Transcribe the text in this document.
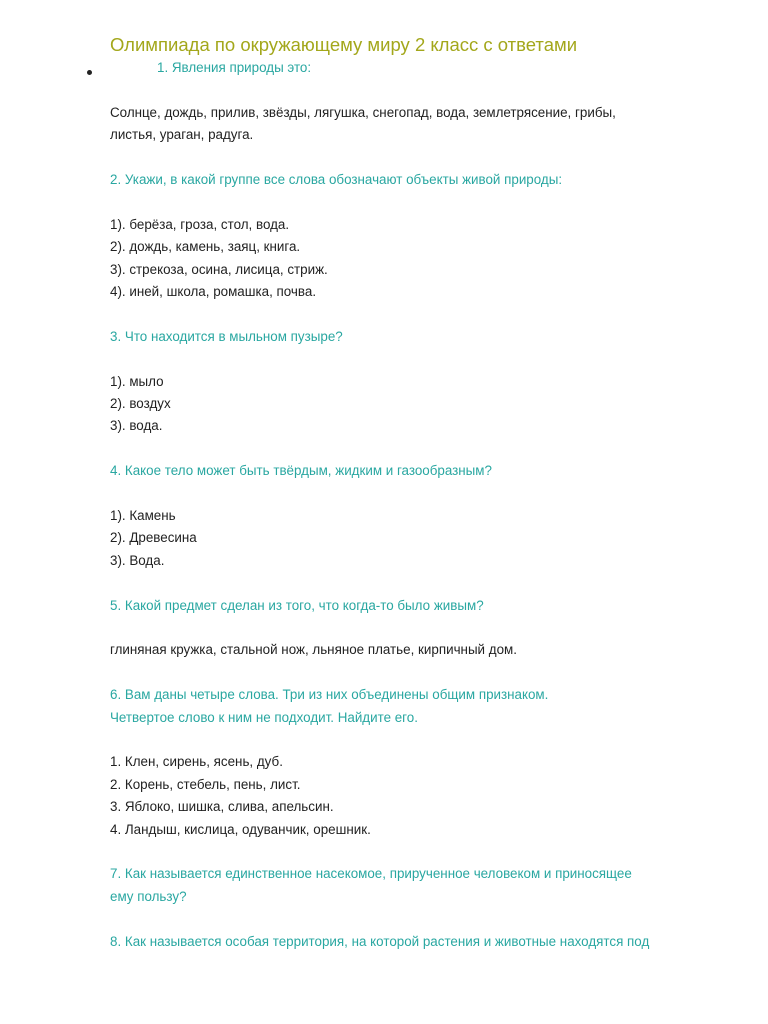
Олимпиада по окружающему миру 2 класс с ответами
1. Явления природы это:
Солнце, дождь, прилив, звёзды, лягушка, снегопад, вода, землетрясение, грибы,
листья, ураган, радуга.
2. Укажи, в какой группе все слова обозначают объекты живой природы:
1). берёза, гроза, стол, вода.
2). дождь, камень, заяц, книга.
3). стрекоза, осина, лисица, стриж.
4). иней, школа, ромашка, почва.
3. Что находится в мыльном пузыре?
1). мыло
2). воздух
3). вода.
4. Какое тело может быть твёрдым, жидким и газообразным?
1). Камень
2). Древесина
3). Вода.
5. Какой предмет сделан из того, что когда-то было живым?
глиняная кружка, стальной нож, льняное платье, кирпичный дом.
6. Вам даны четыре слова. Три из них объединены общим признаком.
Четвертое слово к ним не подходит. Найдите его.
1. Клен, сирень, ясень, дуб.
2. Корень, стебель, пень, лист.
3. Яблоко, шишка, слива, апельсин.
4. Ландыш, кислица, одуванчик, орешник.
7. Как называется единственное насекомое, прирученное человеком и приносящее
ему пользу?
8. Как называется особая территория, на которой растения и животные находятся под
